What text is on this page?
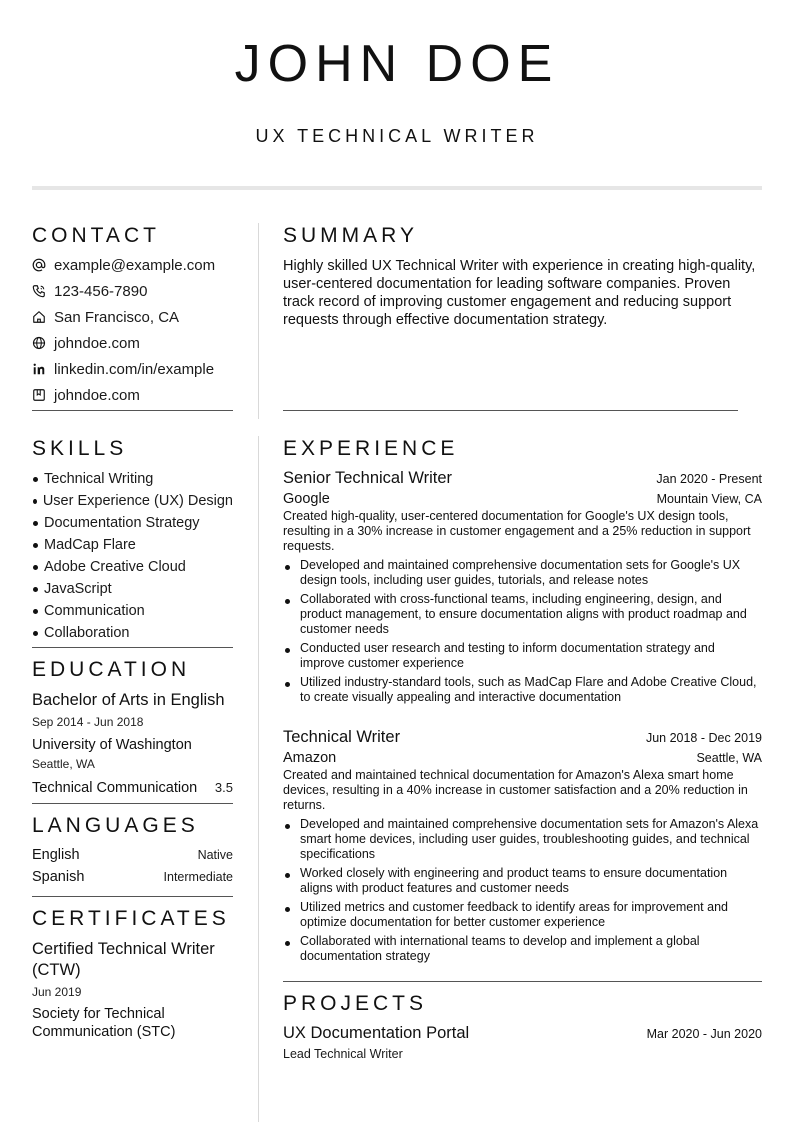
JOHN DOE
UX TECHNICAL WRITER
CONTACT
example@example.com
123-456-7890
San Francisco, CA
johndoe.com
linkedin.com/in/example
johndoe.com
SKILLS
Technical Writing
User Experience (UX) Design
Documentation Strategy
MadCap Flare
Adobe Creative Cloud
JavaScript
Communication
Collaboration
EDUCATION
Bachelor of Arts in English
Sep 2014 - Jun 2018
University of Washington
Seattle, WA
Technical Communication 3.5
LANGUAGES
English	Native
Spanish	Intermediate
CERTIFICATES
Certified Technical Writer (CTW)
Jun 2019
Society for Technical Communication (STC)
SUMMARY
Highly skilled UX Technical Writer with experience in creating high-quality, user-centered documentation for leading software companies. Proven track record of improving customer engagement and reducing support requests through effective documentation strategy.
EXPERIENCE
Senior Technical Writer	Jan 2020 - Present
Google	Mountain View, CA
Created high-quality, user-centered documentation for Google's UX design tools, resulting in a 30% increase in customer engagement and a 25% reduction in support requests.
Developed and maintained comprehensive documentation sets for Google's UX design tools, including user guides, tutorials, and release notes
Collaborated with cross-functional teams, including engineering, design, and product management, to ensure documentation aligns with product roadmap and customer needs
Conducted user research and testing to inform documentation strategy and improve customer experience
Utilized industry-standard tools, such as MadCap Flare and Adobe Creative Cloud, to create visually appealing and interactive documentation
Technical Writer	Jun 2018 - Dec 2019
Amazon	Seattle, WA
Created and maintained technical documentation for Amazon's Alexa smart home devices, resulting in a 40% increase in customer satisfaction and a 20% reduction in returns.
Developed and maintained comprehensive documentation sets for Amazon's Alexa smart home devices, including user guides, troubleshooting guides, and technical specifications
Worked closely with engineering and product teams to ensure documentation aligns with product features and customer needs
Utilized metrics and customer feedback to identify areas for improvement and optimize documentation for better customer experience
Collaborated with international teams to develop and implement a global documentation strategy
PROJECTS
UX Documentation Portal	Mar 2020 - Jun 2020
Lead Technical Writer
